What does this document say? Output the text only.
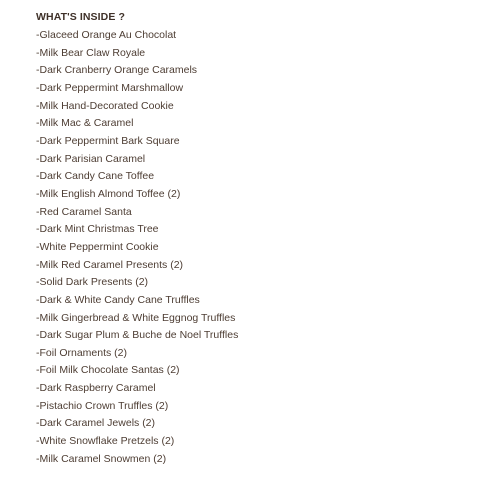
WHAT'S INSIDE ?
-Glaceed Orange Au Chocolat
-Milk Bear Claw Royale
-Dark Cranberry Orange Caramels
-Dark Peppermint Marshmallow
-Milk Hand-Decorated Cookie
-Milk Mac & Caramel
-Dark Peppermint Bark Square
-Dark Parisian Caramel
-Dark Candy Cane Toffee
-Milk English Almond Toffee (2)
-Red Caramel Santa
-Dark Mint Christmas Tree
-White Peppermint Cookie
-Milk Red Caramel Presents (2)
-Solid Dark Presents (2)
-Dark & White Candy Cane Truffles
-Milk Gingerbread & White Eggnog Truffles
-Dark Sugar Plum & Buche de Noel Truffles
-Foil Ornaments (2)
-Foil Milk Chocolate Santas (2)
-Dark Raspberry Caramel
-Pistachio Crown Truffles (2)
-Dark Caramel Jewels (2)
-White Snowflake Pretzels (2)
-Milk Caramel Snowmen (2)
